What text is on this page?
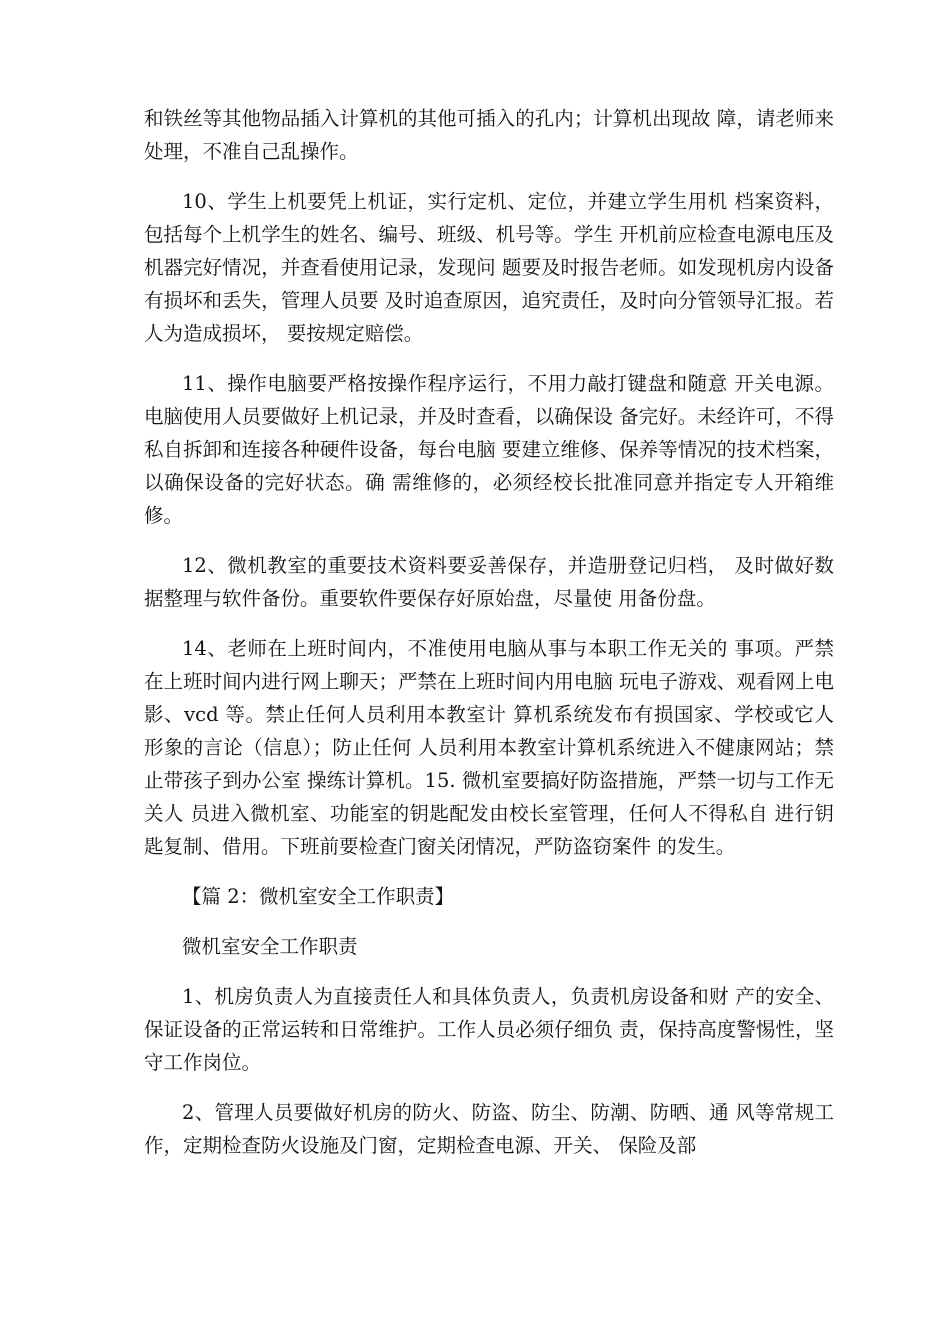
和铁丝等其他物品插入计算机的其他可插入的孔内；计算机出现故 障，请老师来处理，不准自己乱操作。

10、学生上机要凭上机证，实行定机、定位，并建立学生用机 档案资料，包括每个上机学生的姓名、编号、班级、机号等。学生 开机前应检查电源电压及机器完好情况，并查看使用记录，发现问 题要及时报告老师。如发现机房内设备有损坏和丢失，管理人员要 及时追查原因，追究责任，及时向分管领导汇报。若人为造成损坏， 要按规定赔偿。

11、操作电脑要严格按操作程序运行，不用力敲打键盘和随意 开关电源。电脑使用人员要做好上机记录，并及时查看，以确保设 备完好。未经许可，不得私自拆卸和连接各种硬件设备，每台电脑 要建立维修、保养等情况的技术档案，以确保设备的完好状态。确 需维修的，必须经校长批准同意并指定专人开箱维修。

12、微机教室的重要技术资料要妥善保存，并造册登记归档， 及时做好数据整理与软件备份。重要软件要保存好原始盘，尽量使 用备份盘。

14、老师在上班时间内，不准使用电脑从事与本职工作无关的 事项。严禁在上班时间内进行网上聊天；严禁在上班时间内用电脑 玩电子游戏、观看网上电影、vcd 等。禁止任何人员利用本教室计 算机系统发布有损国家、学校或它人形象的言论（信息）；防止任何 人员利用本教室计算机系统进入不健康网站；禁止带孩子到办公室 操练计算机。15. 微机室要搞好防盗措施，严禁一切与工作无关人 员进入微机室、功能室的钥匙配发由校长室管理，任何人不得私自 进行钥匙复制、借用。下班前要检查门窗关闭情况，严防盗窃案件 的发生。

【篇 2：微机室安全工作职责】

微机室安全工作职责

1、机房负责人为直接责任人和具体负责人，负责机房设备和财 产的安全、保证设备的正常运转和日常维护。工作人员必须仔细负 责，保持高度警惕性，坚守工作岗位。

2、管理人员要做好机房的防火、防盗、防尘、防潮、防晒、通 风等常规工作，定期检查防火设施及门窗，定期检查电源、开关、 保险及部
